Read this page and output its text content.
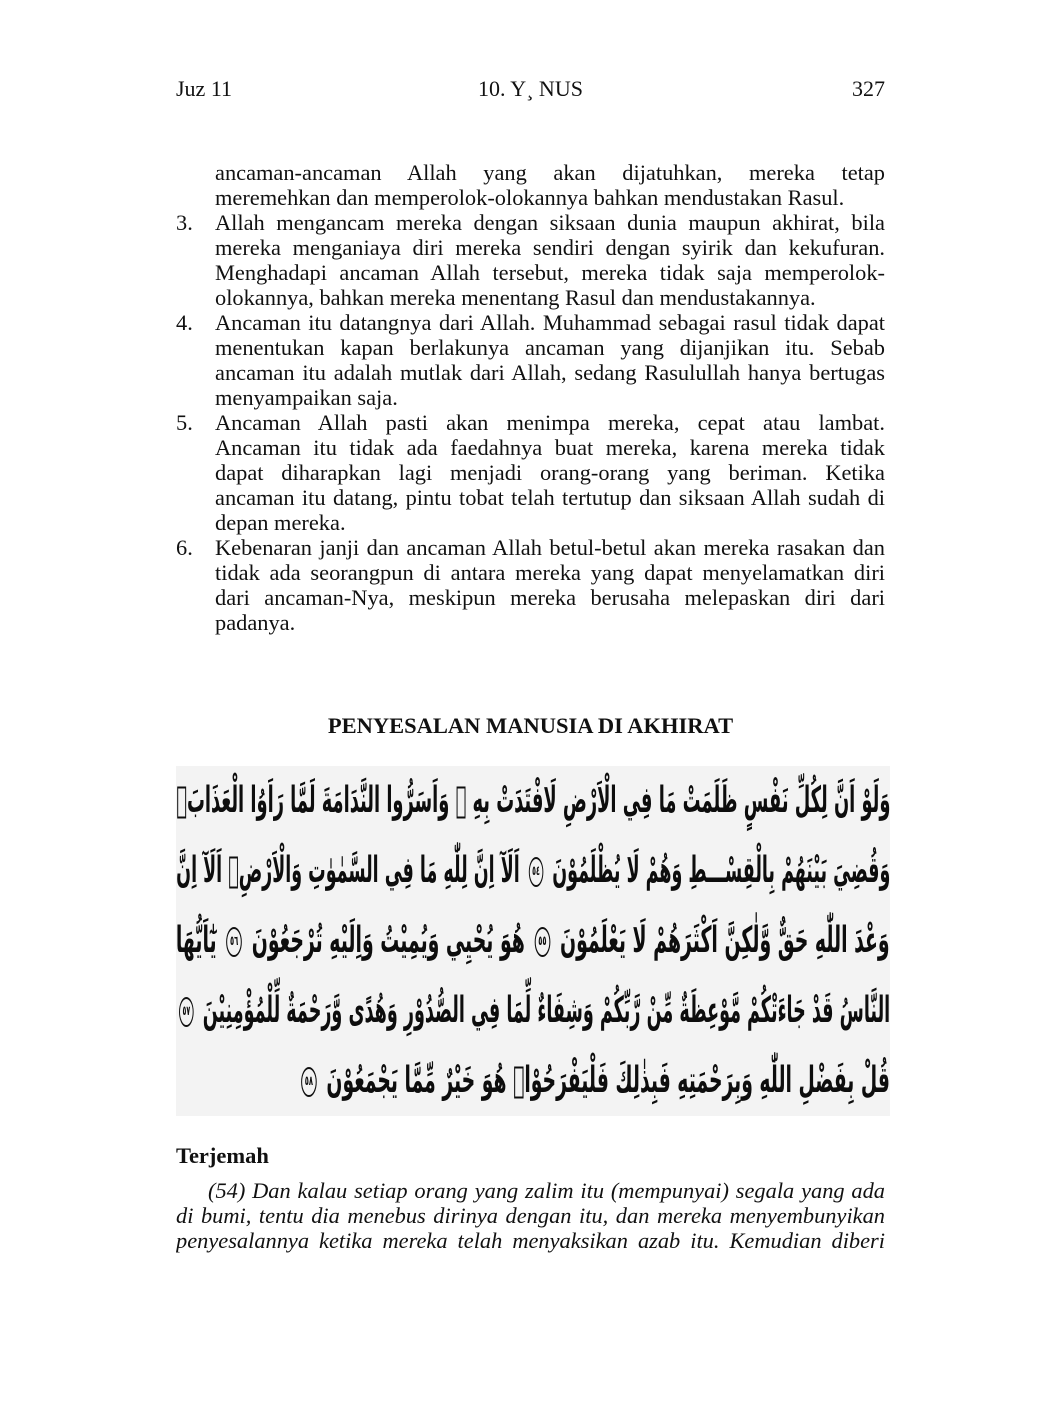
Juz 11	10. Y¸ NUS	327
ancaman-ancaman Allah yang akan dijatuhkan, mereka tetap
meremehkan dan memperolok-olokannya bahkan mendustakan Rasul.
3. Allah mengancam mereka dengan siksaan dunia maupun akhirat, bila
mereka menganiaya diri mereka sendiri dengan syirik dan kekufuran.
Menghadapi ancaman Allah tersebut, mereka tidak saja memperolok-
olokannya, bahkan mereka menentang Rasul dan mendustakannya.
4. Ancaman itu datangnya dari Allah. Muhammad sebagai rasul tidak dapat
menentukan kapan berlakunya ancaman yang dijanjikan itu. Sebab
ancaman itu adalah mutlak dari Allah, sedang Rasulullah hanya bertugas
menyampaikan saja.
5. Ancaman Allah pasti akan menimpa mereka, cepat atau lambat.
Ancaman itu tidak ada faedahnya buat mereka, karena mereka tidak
dapat diharapkan lagi menjadi orang-orang yang beriman. Ketika
ancaman itu datang, pintu tobat telah tertutup dan siksaan Allah sudah di
depan mereka.
6. Kebenaran janji dan ancaman Allah betul-betul akan mereka rasakan dan
tidak ada seorangpun di antara mereka yang dapat menyelamatkan diri
dari ancaman-Nya, meskipun mereka berusaha melepaskan diri dari
padanya.
PENYESALAN MANUSIA DI AKHIRAT
وَلَوْ اَنَّ لِكُلِّ نَفْسٍ ظَلَمَتْ مَا فِي الْاَرْضِ لَافْتَدَتْ بِهِ ۗ وَاَسَرُّوا النَّدَامَةَ لَمَّا رَاَوُا الْعَذَابَۚ
وَقُضِيَ بَيْنَهُمْ بِالْقِسْـــطِ وَهُمْ لَا يُظْلَمُوْنَ ٥٤ اَلَآ اِنَّ لِلّٰهِ مَا فِي السَّمٰوٰتِ وَالْاَرْضِۗ اَلَآ اِنَّ
وَعْدَ اللّٰهِ حَقٌّ وَّلٰكِنَّ اَكْثَرَهُمْ لَا يَعْلَمُوْنَ ٥٥ هُوَ يُحْيِي وَيُمِيْتُ وَاِلَيْهِ تُرْجَعُوْنَ ٥٦ يٰٓاَيُّهَا
النَّاسُ قَدْ جَاءَتْكُمْ مَّوْعِظَةٌ مِّنْ رَّبِّكُمْ وَشِفَاءٌ لِّمَا فِي الصُّدُوْرِ وَهُدًى وَّرَحْمَةٌ لِّلْمُؤْمِنِيْنَ ٥٧
قُلْ بِفَضْلِ اللّٰهِ وَبِرَحْمَتِهِ فَبِذٰلِكَ فَلْيَفْرَحُوْاۗ هُوَ خَيْرٌ مِّمَّا يَجْمَعُوْنَ ٥٨
Terjemah
(54) Dan kalau setiap orang yang zalim itu (mempunyai) segala yang ada
di bumi, tentu dia menebus dirinya dengan itu, dan mereka menyembunyikan
penyesalannya ketika mereka telah menyaksikan azab itu. Kemudian diberi
